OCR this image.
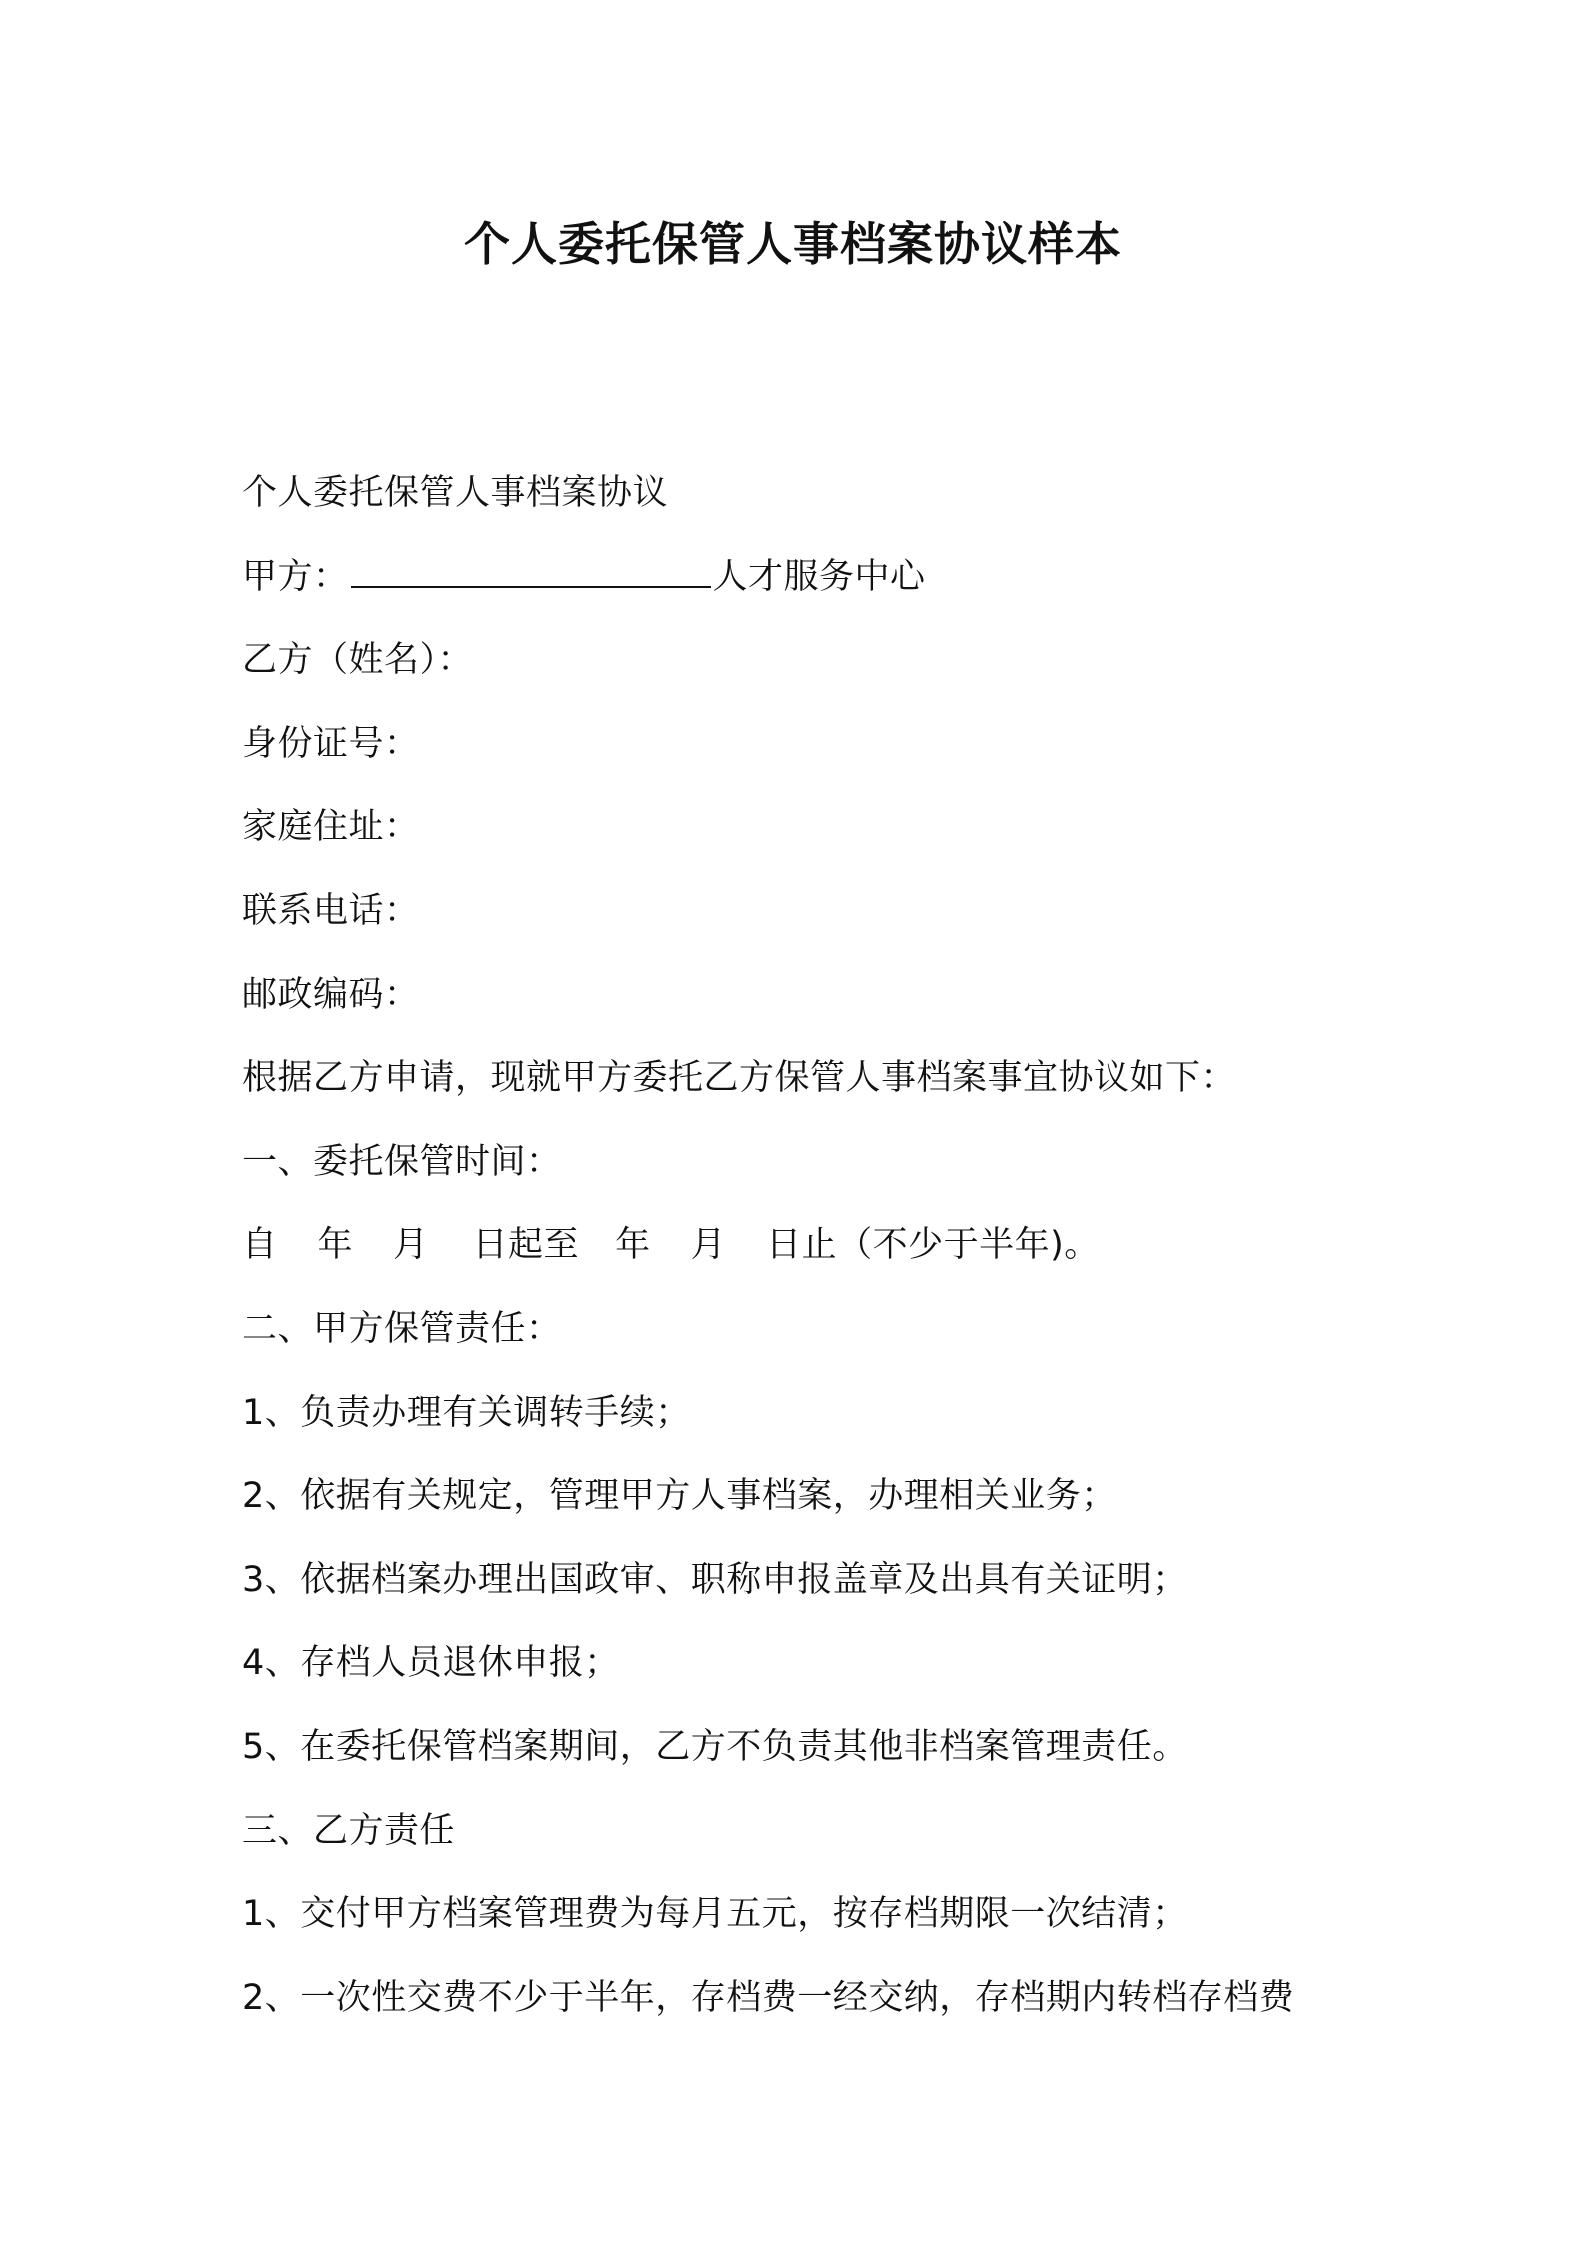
个人委托保管人事档案协议样本
个人委托保管人事档案协议
甲方：	人才服务中心
乙方（姓名）：
身份证号：
家庭住址：
联系电话：
邮政编码：
根据乙方申请，现就甲方委托乙方保管人事档案事宜协议如下：
一、委托保管时间：
自 年 月 日起至 年 月 日止（不少于半年)。
二、甲方保管责任：
1、负责办理有关调转手续；
2、依据有关规定，管理甲方人事档案，办理相关业务；
3、依据档案办理出国政审、职称申报盖章及出具有关证明；
4、存档人员退休申报；
5、在委托保管档案期间，乙方不负责其他非档案管理责任。
三、乙方责任
1、交付甲方档案管理费为每月五元，按存档期限一次结清；
2、一次性交费不少于半年，存档费一经交纳，存档期内转档存档费
